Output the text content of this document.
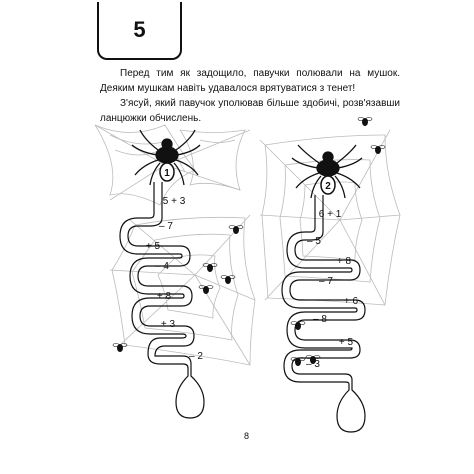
5

Перед тим як задощило, павучки полювали на мушок. Деяким мушкам навіть удавалося врятуватися з тенет!

З'ясуй, який павучок уполював більше здобичі, розв'язавши ланцюжки обчислень.

1
2
5 + 3
– 7
+ 5
– 4
+ 8
+ 3
– 2
6 + 1
– 5
+ 8
– 7
+ 6
– 8
+ 5
– 3
8
